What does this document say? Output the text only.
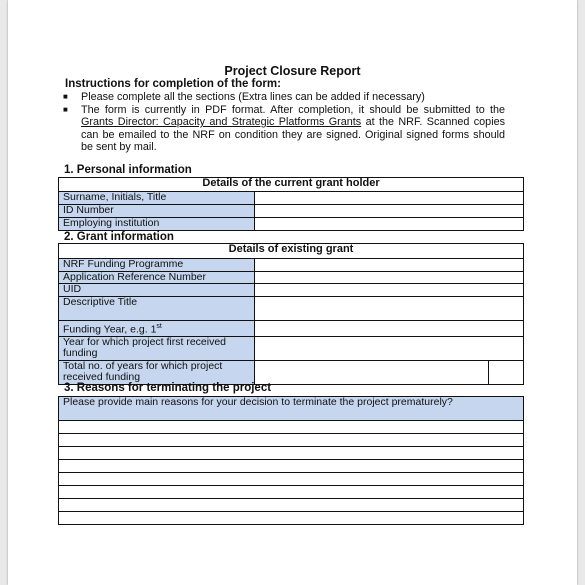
Project Closure Report
Instructions for completion of the form:
■ Please complete all the sections (Extra lines can be added if necessary)
■ The form is currently in PDF format. After completion, it should be submitted to the Grants Director: Capacity and Strategic Platforms Grants at the NRF. Scanned copies can be emailed to the NRF on condition they are signed. Original signed forms should be sent by mail.
1. Personal information
Details of the current grant holder	
Surname, Initials, Title	
ID Number	
Employing institution	
2. Grant information
Details of existing grant		
NRF Funding Programme		
Application Reference Number		
UID		
Descriptive Title		
Funding Year, e.g. 1st	
Year for which project first received funding		
Total no. of years for which project received funding		
3. Reasons for terminating the project
Please provide main reasons for your decision to terminate the project prematurely?
